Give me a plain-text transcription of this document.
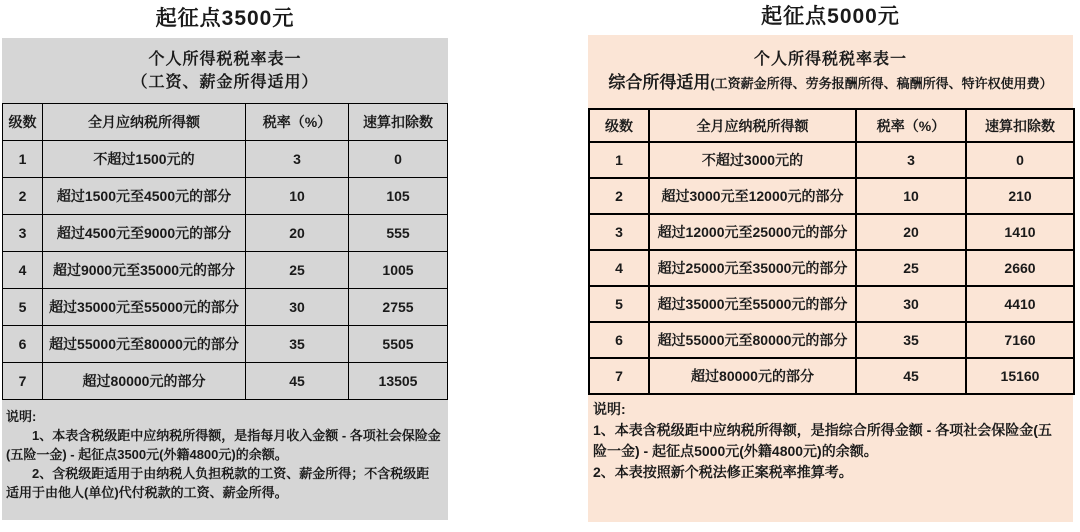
起征点3500元
个人所得税税率表一
（工资、薪金所得适用）
级数	全月应纳税所得额	税率（%）	速算扣除数
1	不超过1500元的	3	0
2	超过1500元至4500元的部分	10	105
3	超过4500元至9000元的部分	20	555
4	超过9000元至35000元的部分	25	1005
5	超过35000元至55000元的部分	30	2755
6	超过55000元至80000元的部分	35	5505
7	超过80000元的部分	45	13505

说明:

1、本表含税级距中应纳税所得额，是指每月收入金额 - 各项社会保险金(五险一金) - 起征点3500元(外籍4800元)的余额。

2、含税级距适用于由纳税人负担税款的工资、薪金所得；不含税级距适用于由他人(单位)代付税款的工资、薪金所得。

起征点5000元
个人所得税税率表一
综合所得适用(工资薪金所得、劳务报酬所得、稿酬所得、特许权使用费）
级数	全月应纳税所得额	税率（%）	速算扣除数
1	不超过3000元的	3	0
2	超过3000元至12000元的部分	10	210
3	超过12000元至25000元的部分	20	1410
4	超过25000元至35000元的部分	25	2660
5	超过35000元至55000元的部分	30	4410
6	超过55000元至80000元的部分	35	7160
7	超过80000元的部分	45	15160

说明:

1、本表含税级距中应纳税所得额，是指综合所得金额 - 各项社会保险金(五险一金) - 起征点5000元(外籍4800元)的余额。

2、本表按照新个税法修正案税率推算考。
